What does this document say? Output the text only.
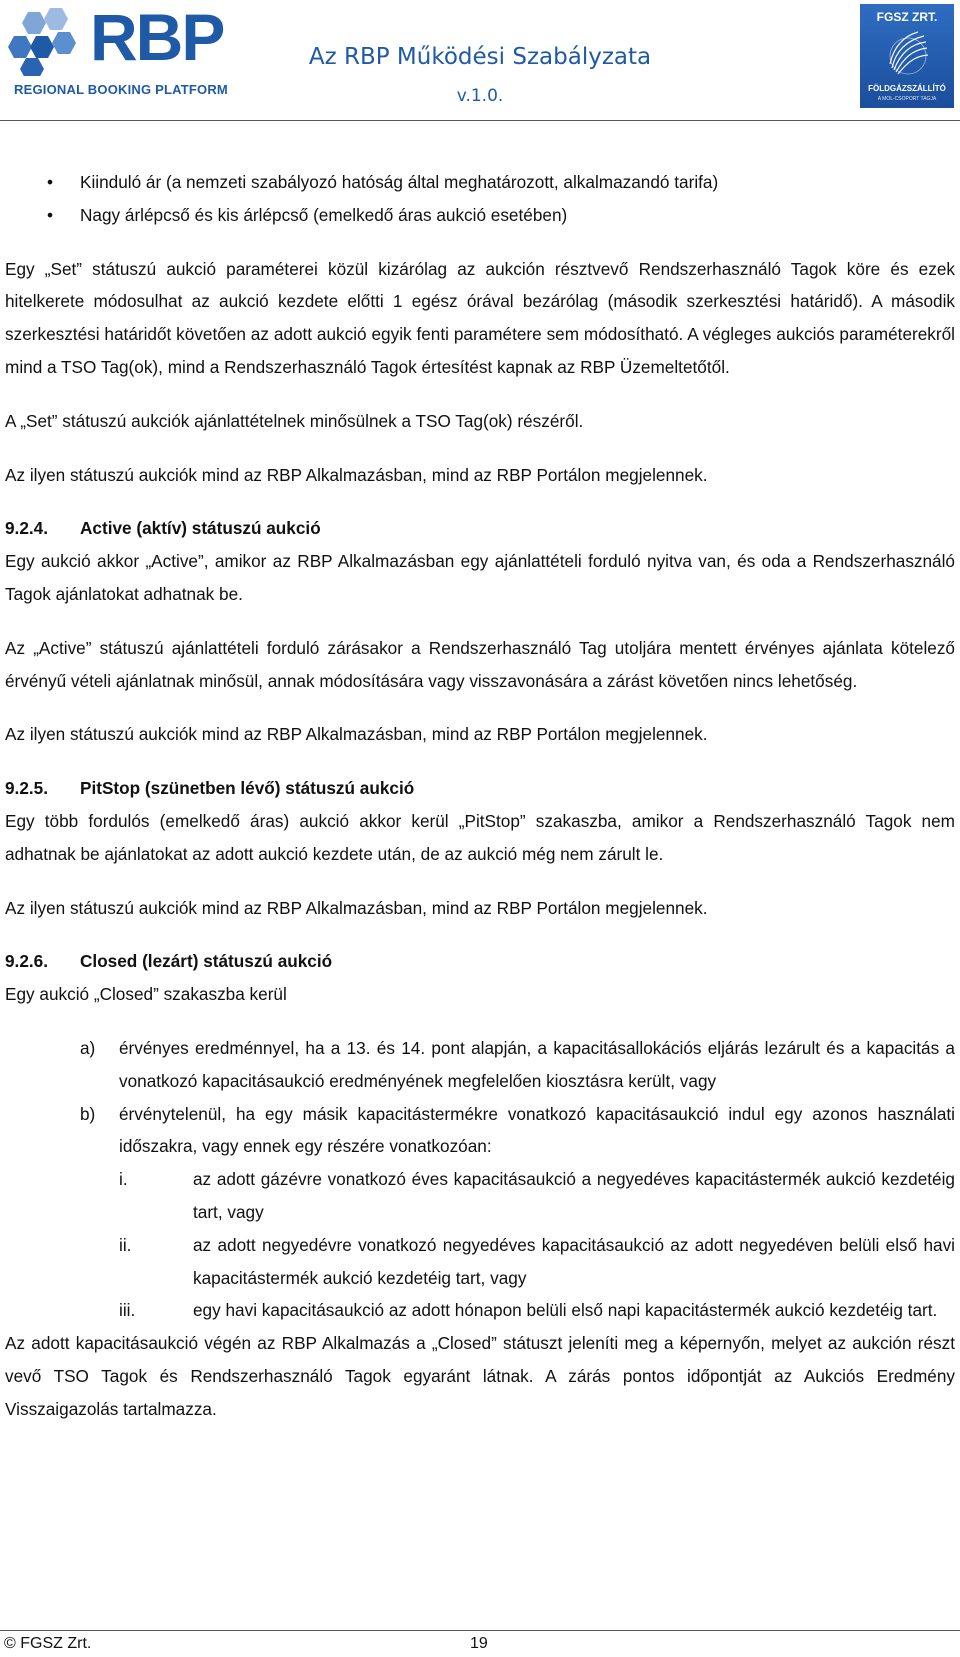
RBP
REGIONAL BOOKING PLATFORM
Az RBP Működési Szabályzata
v.1.0.
FGSZ ZRT.
FÖLDGÁZSZÁLLÍTÓ
A MOL-CSOPORT TAGJA

• Kiinduló ár (a nemzeti szabályozó hatóság által meghatározott, alkalmazandó tarifa)

• Nagy árlépcső és kis árlépcső (emelkedő áras aukció esetében)

Egy „Set” státuszú aukció paraméterei közül kizárólag az aukción résztvevő Rendszerhasználó Tagok köre és ezek hitelkerete módosulhat az aukció kezdete előtti 1 egész órával bezárólag (második szerkesztési határidő). A második szerkesztési határidőt követően az adott aukció egyik fenti paramétere sem módosítható. A végleges aukciós paraméterekről mind a TSO Tag(ok), mind a Rendszerhasználó Tagok értesítést kapnak az RBP Üzemeltetőtől.

A „Set” státuszú aukciók ajánlattételnek minősülnek a TSO Tag(ok) részéről.

Az ilyen státuszú aukciók mind az RBP Alkalmazásban, mind az RBP Portálon megjelennek.

9.2.4. Active (aktív) státuszú aukció

Egy aukció akkor „Active”, amikor az RBP Alkalmazásban egy ajánlattételi forduló nyitva van, és oda a Rendszerhasználó Tagok ajánlatokat adhatnak be.

Az „Active” státuszú ajánlattételi forduló zárásakor a Rendszerhasználó Tag utoljára mentett érvényes ajánlata kötelező érvényű vételi ajánlatnak minősül, annak módosítására vagy visszavonására a zárást követően nincs lehetőség.

Az ilyen státuszú aukciók mind az RBP Alkalmazásban, mind az RBP Portálon megjelennek.

9.2.5. PitStop (szünetben lévő) státuszú aukció

Egy több fordulós (emelkedő áras) aukció akkor kerül „PitStop” szakaszba, amikor a Rendszerhasználó Tagok nem adhatnak be ajánlatokat az adott aukció kezdete után, de az aukció még nem zárult le.

Az ilyen státuszú aukciók mind az RBP Alkalmazásban, mind az RBP Portálon megjelennek.

9.2.6. Closed (lezárt) státuszú aukció

Egy aukció „Closed” szakaszba kerül

a) érvényes eredménnyel, ha a 13. és 14. pont alapján, a kapacitásallokációs eljárás lezárult és a kapacitás a vonatkozó kapacitásaukció eredményének megfelelően kiosztásra került, vagy

b) érvénytelenül, ha egy másik kapacitástermékre vonatkozó kapacitásaukció indul egy azonos használati időszakra, vagy ennek egy részére vonatkozóan:

i.	az adott gázévre vonatkozó éves kapacitásaukció a negyedéves kapacitástermék aukció kezdetéig tart, vagy

ii.	az adott negyedévre vonatkozó negyedéves kapacitásaukció az adott negyedéven belüli első havi kapacitástermék aukció kezdetéig tart, vagy

iii.	egy havi kapacitásaukció az adott hónapon belüli első napi kapacitástermék aukció kezdetéig tart.

Az adott kapacitásaukció végén az RBP Alkalmazás a „Closed” státuszt jeleníti meg a képernyőn, melyet az aukción részt vevő TSO Tagok és Rendszerhasználó Tagok egyaránt látnak. A zárás pontos időpontját az Aukciós Eredmény Visszaigazolás tartalmazza.

© FGSZ Zrt.	19
